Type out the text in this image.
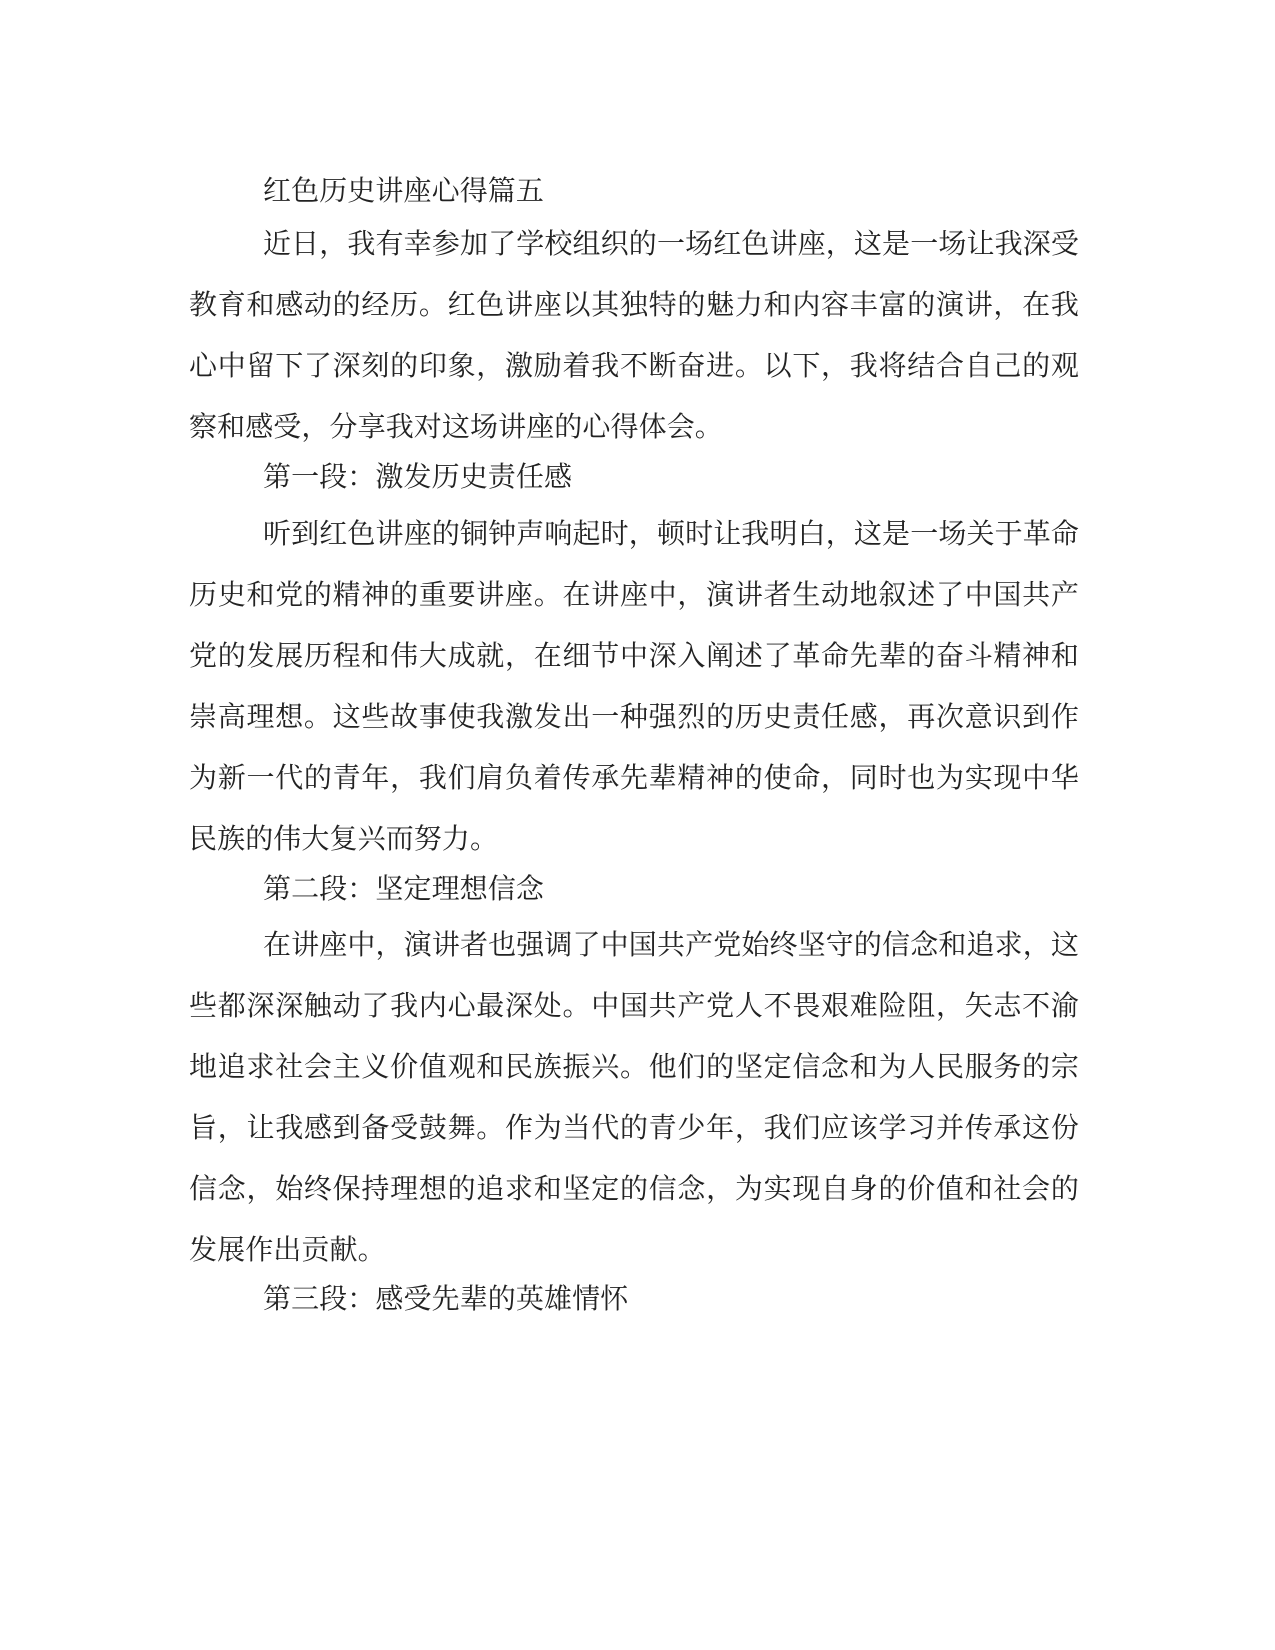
红色历史讲座心得篇五

近日，我有幸参加了学校组织的一场红色讲座，这是一场让我深受教育和感动的经历。红色讲座以其独特的魅力和内容丰富的演讲，在我心中留下了深刻的印象，激励着我不断奋进。以下，我将结合自己的观察和感受，分享我对这场讲座的心得体会。

第一段：激发历史责任感

听到红色讲座的铜钟声响起时，顿时让我明白，这是一场关于革命历史和党的精神的重要讲座。在讲座中，演讲者生动地叙述了中国共产党的发展历程和伟大成就，在细节中深入阐述了革命先辈的奋斗精神和崇高理想。这些故事使我激发出一种强烈的历史责任感，再次意识到作为新一代的青年，我们肩负着传承先辈精神的使命，同时也为实现中华民族的伟大复兴而努力。

第二段：坚定理想信念

在讲座中，演讲者也强调了中国共产党始终坚守的信念和追求，这些都深深触动了我内心最深处。中国共产党人不畏艰难险阻，矢志不渝地追求社会主义价值观和民族振兴。他们的坚定信念和为人民服务的宗旨，让我感到备受鼓舞。作为当代的青少年，我们应该学习并传承这份信念，始终保持理想的追求和坚定的信念，为实现自身的价值和社会的发展作出贡献。

第三段：感受先辈的英雄情怀
